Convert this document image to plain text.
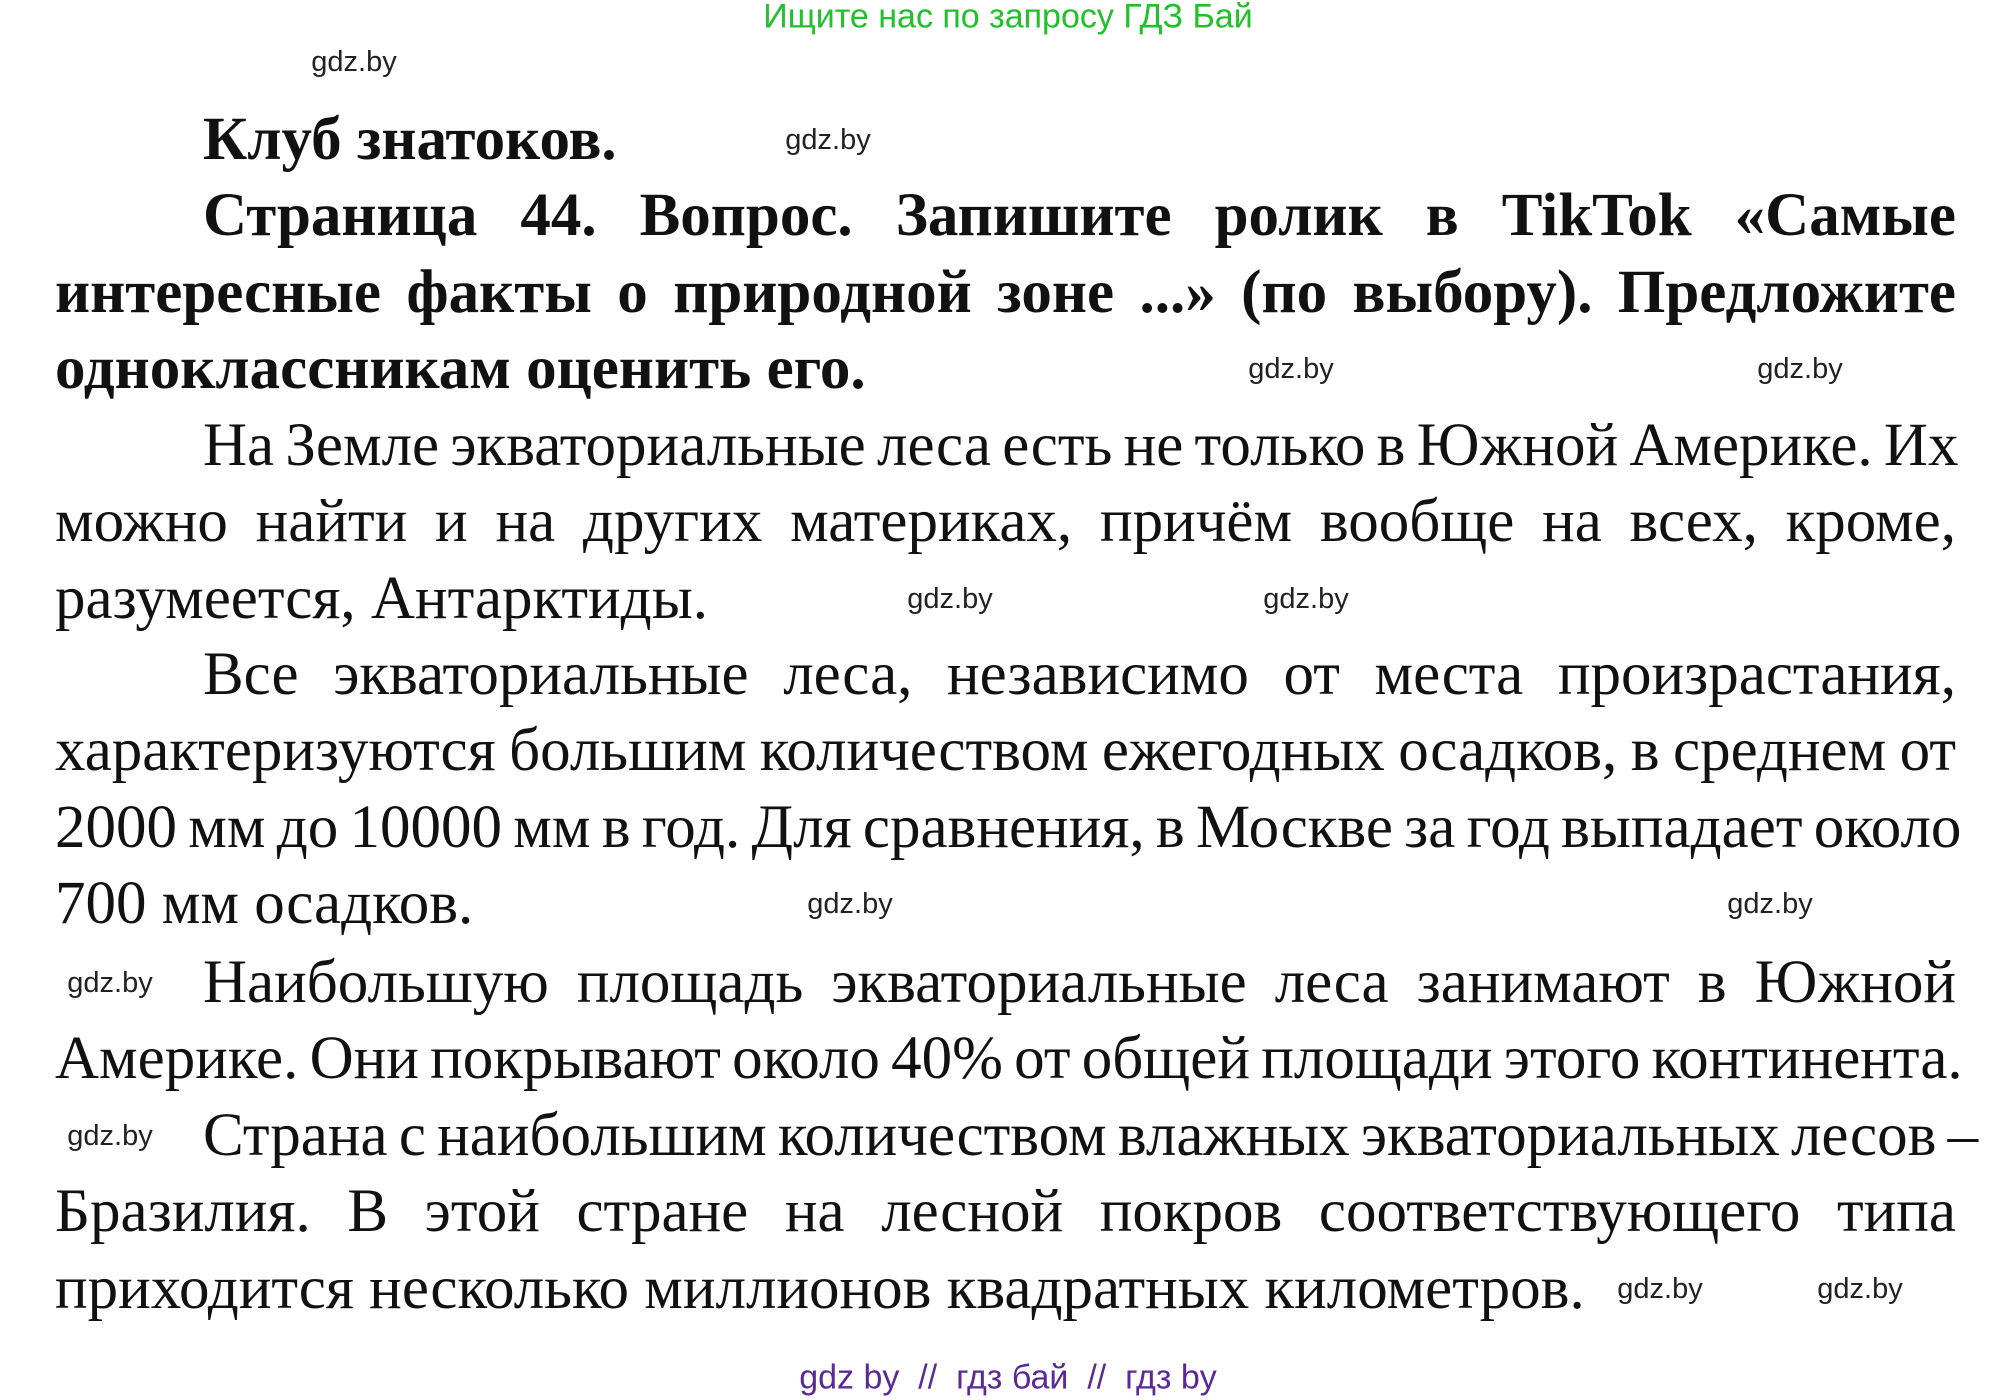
Ищите нас по запросу ГДЗ Бай
Клуб знатоков.
Страница 44. Вопрос. Запишите ролик в TikTok «Самые
интересные факты о природной зоне ...» (по выбору). Предложите
одноклассникам оценить его.
На Земле экваториальные леса есть не только в Южной Америке. Их
можно найти и на других материках, причём вообще на всех, кроме,
разумеется, Антарктиды.
Все экваториальные леса, независимо от места произрастания,
характеризуются большим количеством ежегодных осадков, в среднем от
2000 мм до 10000 мм в год. Для сравнения, в Москве за год выпадает около
700 мм осадков.
Наибольшую площадь экваториальные леса занимают в Южной
Америке. Они покрывают около 40% от общей площади этого континента.
Страна с наибольшим количеством влажных экваториальных лесов –
Бразилия. В этой стране на лесной покров соответствующего типа
приходится несколько миллионов квадратных километров.
gdz.by
gdz.by
gdz.by
gdz.by
gdz.by	gdz.by
gdz.by	gdz.by
gdz.by
gdz.by
gdz.by	gdz.by
gdz by  //  гдз бай  //  гдз by
